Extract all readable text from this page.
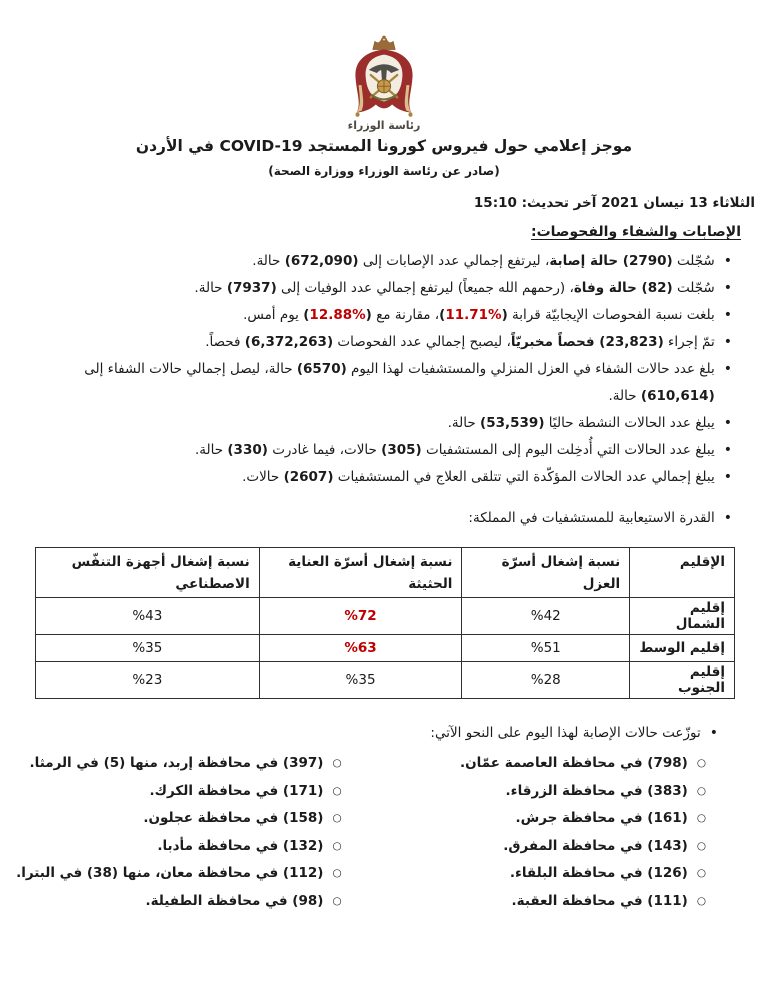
رئاسة الوزراء
موجز إعلامي حول فيروس كورونا المستجد COVID-19 في الأردن
(صادر عن رئاسة الوزراء ووزارة الصحة)
الثلاثاء 13 نيسان 2021 آخر تحديث: 15:10
الإصابات والشفاء والفحوصات:
•
سُجّلت (2790) حالة إصابة، ليرتفع إجمالي عدد الإصابات إلى (672,090) حالة.
•
سُجّلت (82) حالة وفاة، (رحمهم الله جميعاً) ليرتفع إجمالي عدد الوفيات إلى (7937) حالة.
•
بلغت نسبة الفحوصات الإيجابيّة قرابة (%11.71)، مقارنة مع (%12.88) يوم أمس.
•
تمّ إجراء (23,823) فحصاً مخبريّاً، ليصبح إجمالي عدد الفحوصات (6,372,263) فحصاً.
•
بلغ عدد حالات الشفاء في العزل المنزلي والمستشفيات لهذا اليوم (6570) حالة، ليصل إجمالي حالات الشفاء إلى (610,614) حالة.
•
يبلغ عدد الحالات النشطة حاليًا (53,539) حالة.
•
يبلغ عدد الحالات التي أُدخِلت اليوم إلى المستشفيات (305) حالات، فيما غادرت (330) حالة.
•
يبلغ إجمالي عدد الحالات المؤكّدة التي تتلقى العلاج في المستشفيات (2607) حالات.
•
القدرة الاستيعابية للمستشفيات في المملكة:
الإقليم	نسبة إشغال أسرّة العزل	نسبة إشغال أسرّة العناية الحثيثة	نسبة إشغال أجهزة التنفّس الاصطناعي
إقليم الشمال	%42	%72	%43
إقليم الوسط	%51	%63	%35
إقليم الجنوب	%28	%35	%23
•
توزّعت حالات الإصابة لهذا اليوم على النحو الآتي:
○
(798) في محافظة العاصمة عمّان.
○
(383) في محافظة الزرقاء.
○
(161) في محافظة جرش.
○
(143) في محافظة المفرق.
○
(126) في محافظة البلقاء.
○
(111) في محافظة العقبة.
○
(397) في محافظة إربد، منها (5) في الرمثا.
○
(171) في محافظة الكرك.
○
(158) في محافظة عجلون.
○
(132) في محافظة مأدبا.
○
(112) في محافظة معان، منها (38) في البترا.
○
(98) في محافظة الطفيلة.
